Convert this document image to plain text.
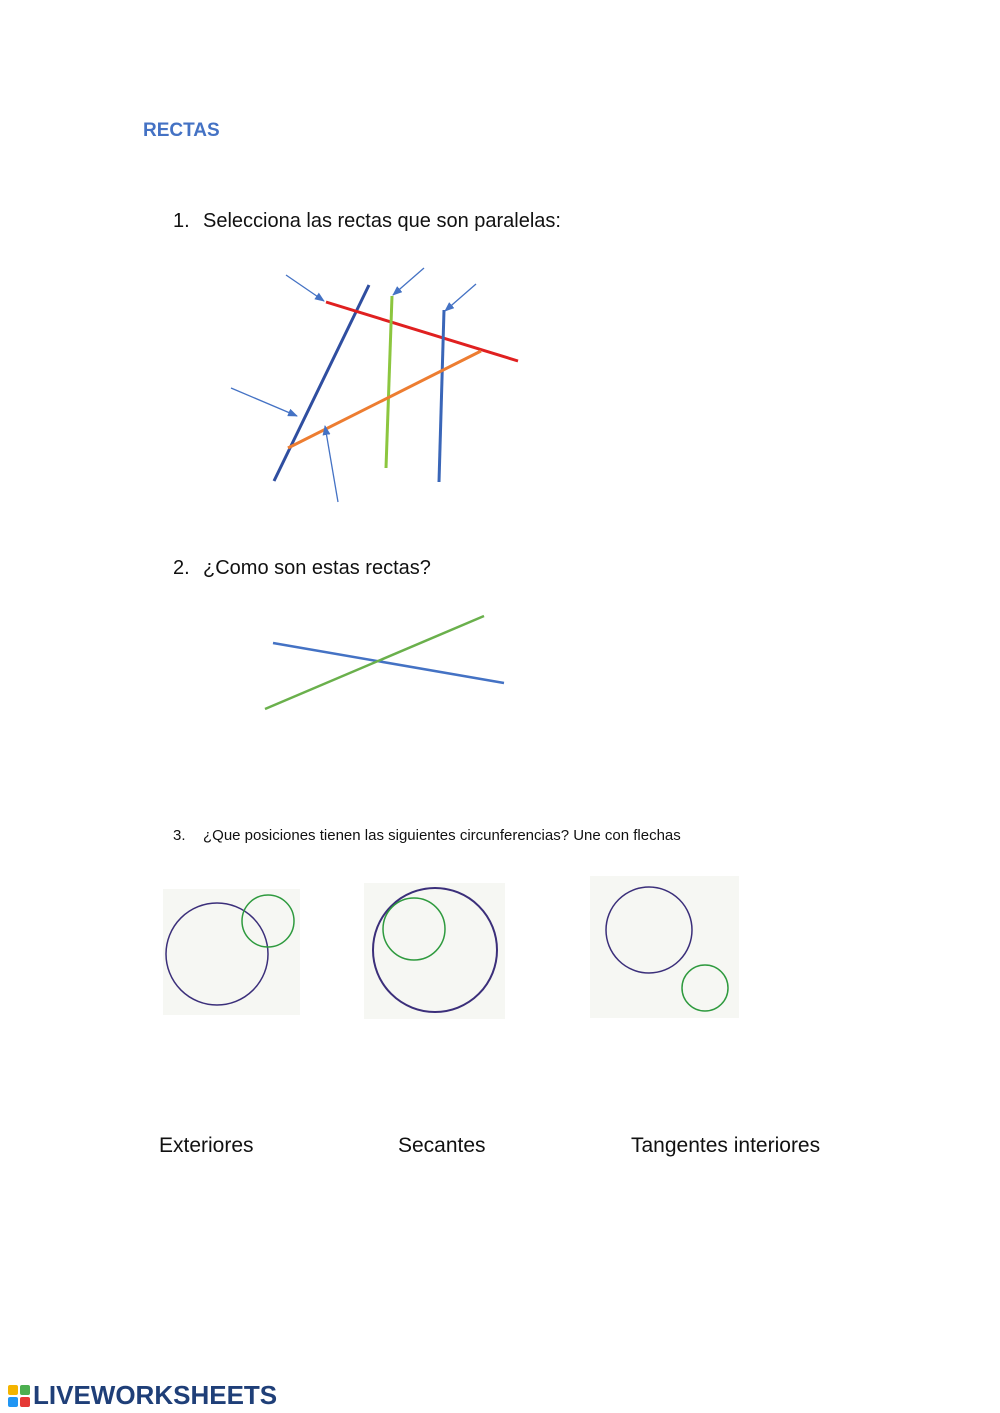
RECTAS
1. Selecciona las rectas que son paralelas:
2. ¿Como son estas rectas?
3. ¿Que posiciones tienen las siguientes circunferencias? Une con flechas
Exteriores	Secantes	Tangentes interiores
LIVEWORKSHEETS
